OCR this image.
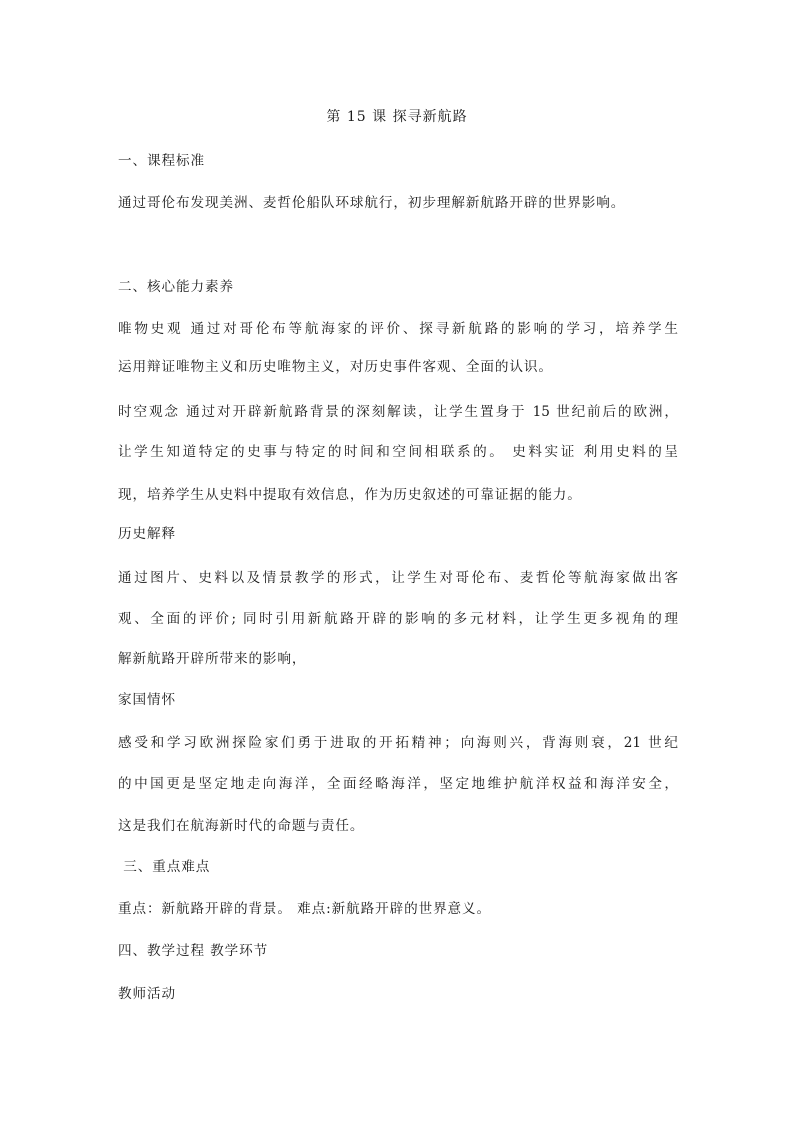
第 15 课 探寻新航路
一、课程标准
通过哥伦布发现美洲、麦哲伦船队环球航行，初步理解新航路开辟的世界影响。
二、核心能力素养
唯物史观 通过对哥伦布等航海家的评价、探寻新航路的影响的学习，培养学生
运用辩证唯物主义和历史唯物主义，对历史事件客观、全面的认识。
时空观念 通过对开辟新航路背景的深刻解读，让学生置身于 15 世纪前后的欧洲，
让学生知道特定的史事与特定的时间和空间相联系的。 史料实证 利用史料的呈
现，培养学生从史料中提取有效信息，作为历史叙述的可靠证据的能力。
历史解释
通过图片、史料以及情景教学的形式，让学生对哥伦布、麦哲伦等航海家做出客
观、全面的评价; 同时引用新航路开辟的影响的多元材料，让学生更多视角的理
解新航路开辟所带来的影响，
家国情怀
感受和学习欧洲探险家们勇于进取的开拓精神；向海则兴，背海则衰，21 世纪
的中国更是坚定地走向海洋，全面经略海洋，坚定地维护航洋权益和海洋安全，
这是我们在航海新时代的命题与责任。
三、重点难点
重点：新航路开辟的背景。 难点:新航路开辟的世界意义。
四、教学过程 教学环节
教师活动
